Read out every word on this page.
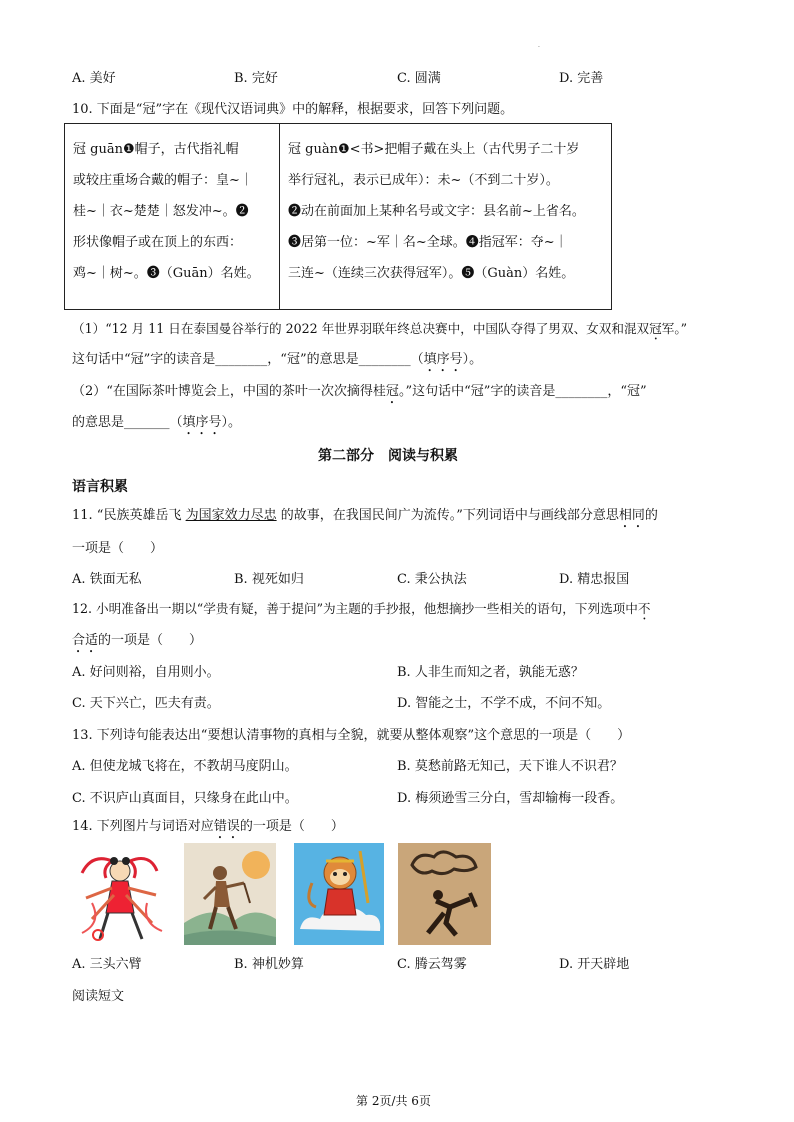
.
A. 美好	B. 完好	C. 圆满	D. 完善
10. 下面是“冠”字在《现代汉语词典》中的解释，根据要求，回答下列问题。
冠 guān❶帽子，古代指礼帽
或较庄重场合戴的帽子：皇~｜
桂~｜衣~楚楚｜怒发冲~。❷
形状像帽子或在顶上的东西：
鸡~｜树~。❸（Guān）名姓。

冠 guàn❶<书>把帽子戴在头上（古代男子二十岁
举行冠礼，表示已成年）：未~（不到二十岁）。
❷动在前面加上某种名号或文字：县名前~上省名。
❸居第一位：~军｜名~全球。❹指冠军：夺~｜
三连~（连续三次获得冠军）。❺（Guàn）名姓。
（1）“12 月 11 日在泰国曼谷举行的 2022 年世界羽联年终总决赛中，中国队夺得了男双、女双和混双冠军。”
这句话中“冠”字的读音是________，“冠”的意思是________（填序号）。
（2）“在国际茶叶博览会上，中国的茶叶一次次摘得桂冠。”这句话中“冠”字的读音是________，“冠”
的意思是_______（填序号）。
第二部分　阅读与积累
语言积累
11. “民族英雄岳飞 为国家效力尽忠 的故事，在我国民间广为流传。”下列词语中与画线部分意思相同的
一项是（　　）
A. 铁面无私	B. 视死如归	C. 秉公执法	D. 精忠报国
12. 小明准备出一期以“学贵有疑，善于提问”为主题的手抄报，他想摘抄一些相关的语句，下列选项中不
合适的一项是（　　）
A. 好问则裕，自用则小。	B. 人非生而知之者，孰能无惑？
C. 天下兴亡，匹夫有责。	D. 智能之士，不学不成，不问不知。
13. 下列诗句能表达出“要想认清事物的真相与全貌，就要从整体观察”这个意思的一项是（　　）
A. 但使龙城飞将在，不教胡马度阴山。	B. 莫愁前路无知己，天下谁人不识君？
C. 不识庐山真面目，只缘身在此山中。	D. 梅须逊雪三分白，雪却输梅一段香。
14. 下列图片与词语对应错误的一项是（　　）
A. 三头六臂	B. 神机妙算	C. 腾云驾雾	D. 开天辟地
阅读短文
第 2页/共 6页
